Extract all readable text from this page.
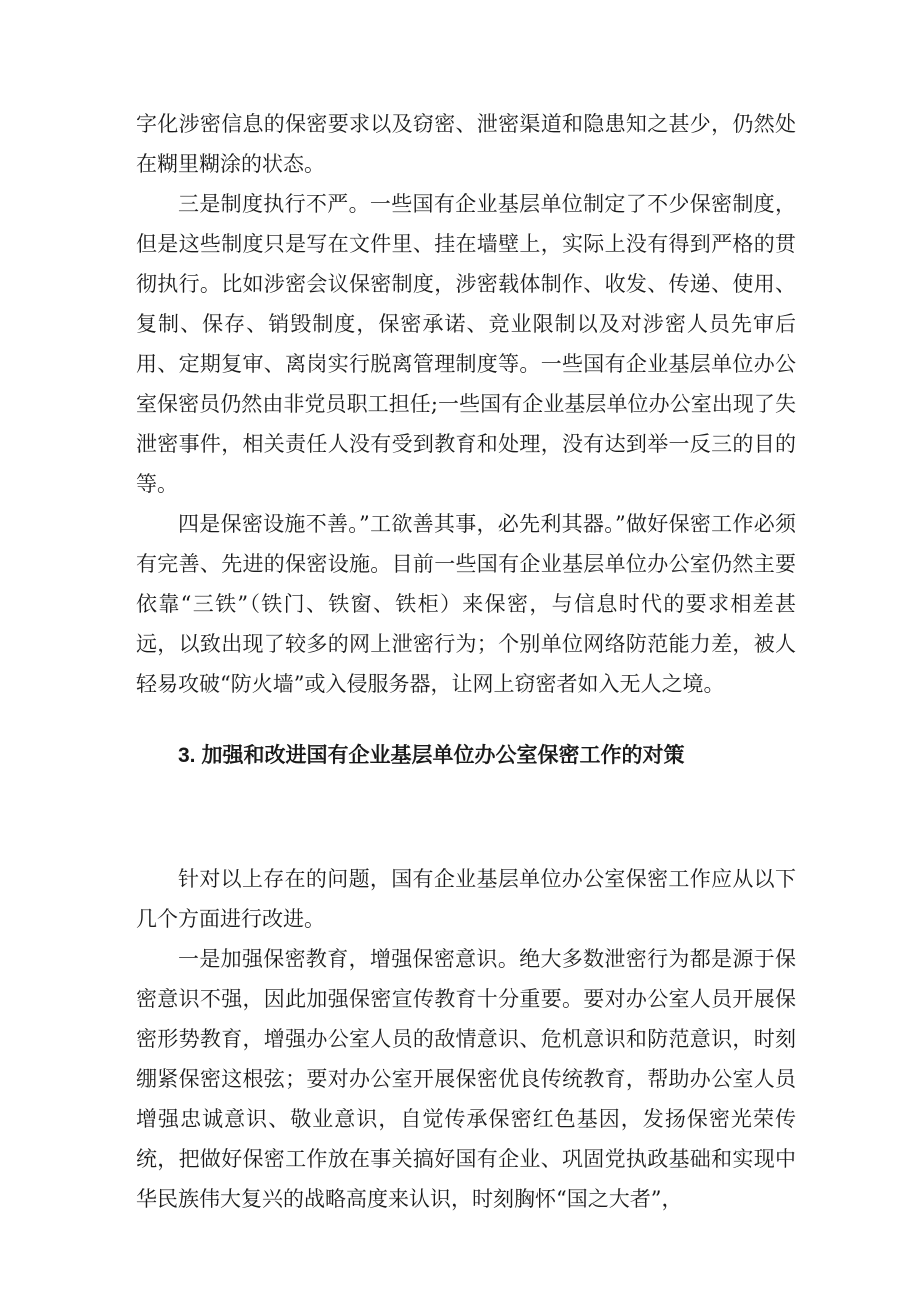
字化涉密信息的保密要求以及窃密、泄密渠道和隐患知之甚少，仍然处在糊里糊涂的状态。

三是制度执行不严。一些国有企业基层单位制定了不少保密制度，但是这些制度只是写在文件里、挂在墙壁上，实际上没有得到严格的贯彻执行。比如涉密会议保密制度，涉密载体制作、收发、传递、使用、复制、保存、销毁制度，保密承诺、竞业限制以及对涉密人员先审后用、定期复审、离岗实行脱离管理制度等。一些国有企业基层单位办公室保密员仍然由非党员职工担任;一些国有企业基层单位办公室出现了失泄密事件，相关责任人没有受到教育和处理，没有达到举一反三的目的等。

四是保密设施不善。”工欲善其事，必先利其器。”做好保密工作必须有完善、先进的保密设施。目前一些国有企业基层单位办公室仍然主要依靠“三铁”（铁门、铁窗、铁柜）来保密，与信息时代的要求相差甚远，以致出现了较多的网上泄密行为；个别单位网络防范能力差，被人轻易攻破“防火墙”或入侵服务器，让网上窃密者如入无人之境。

3. 加强和改进国有企业基层单位办公室保密工作的对策

针对以上存在的问题，国有企业基层单位办公室保密工作应从以下几个方面进行改进。

一是加强保密教育，增强保密意识。绝大多数泄密行为都是源于保密意识不强，因此加强保密宣传教育十分重要。要对办公室人员开展保密形势教育，增强办公室人员的敌情意识、危机意识和防范意识，时刻绷紧保密这根弦；要对办公室开展保密优良传统教育，帮助办公室人员增强忠诚意识、敬业意识，自觉传承保密红色基因，发扬保密光荣传统，把做好保密工作放在事关搞好国有企业、巩固党执政基础和实现中华民族伟大复兴的战略高度来认识，时刻胸怀“国之大者”，
